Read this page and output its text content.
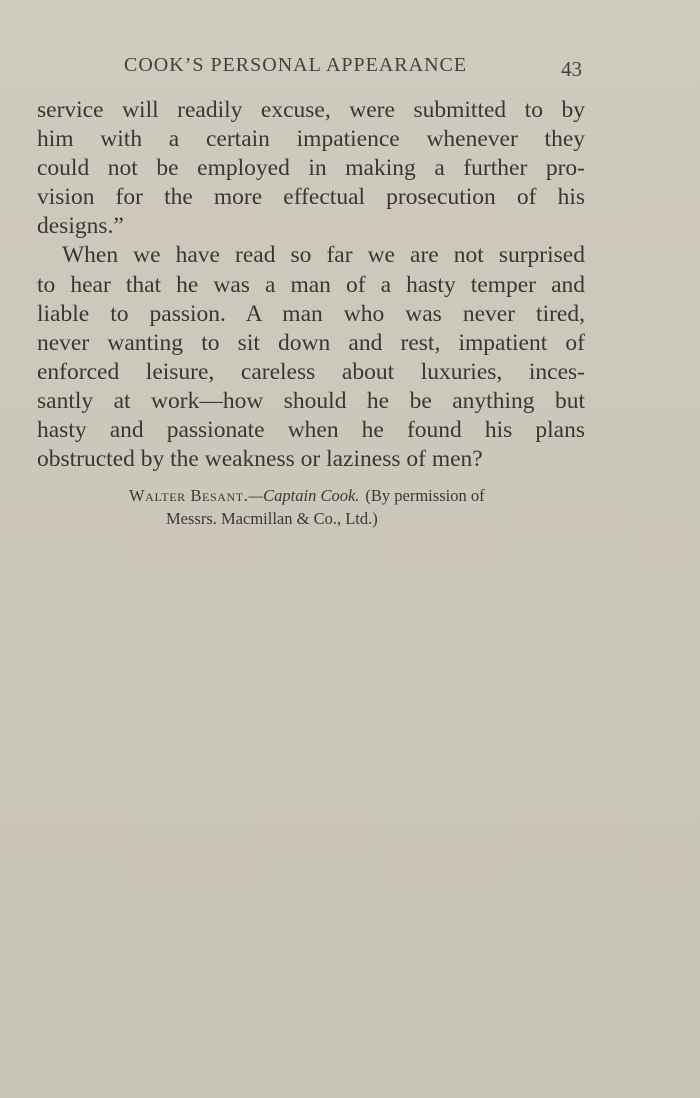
COOK’S PERSONAL APPEARANCE	43
service will readily excuse, were submitted to by
him with a certain impatience whenever they
could not be employed in making a further pro-
vision for the more effectual prosecution of his
designs.”
When we have read so far we are not surprised
to hear that he was a man of a hasty temper and
liable to passion. A man who was never tired,
never wanting to sit down and rest, impatient of
enforced leisure, careless about luxuries, inces-
santly at work—how should he be anything but
hasty and passionate when he found his plans
obstructed by the weakness or laziness of men?
Walter Besant.—Captain Cook. (By permission of
Messrs. Macmillan & Co., Ltd.)
